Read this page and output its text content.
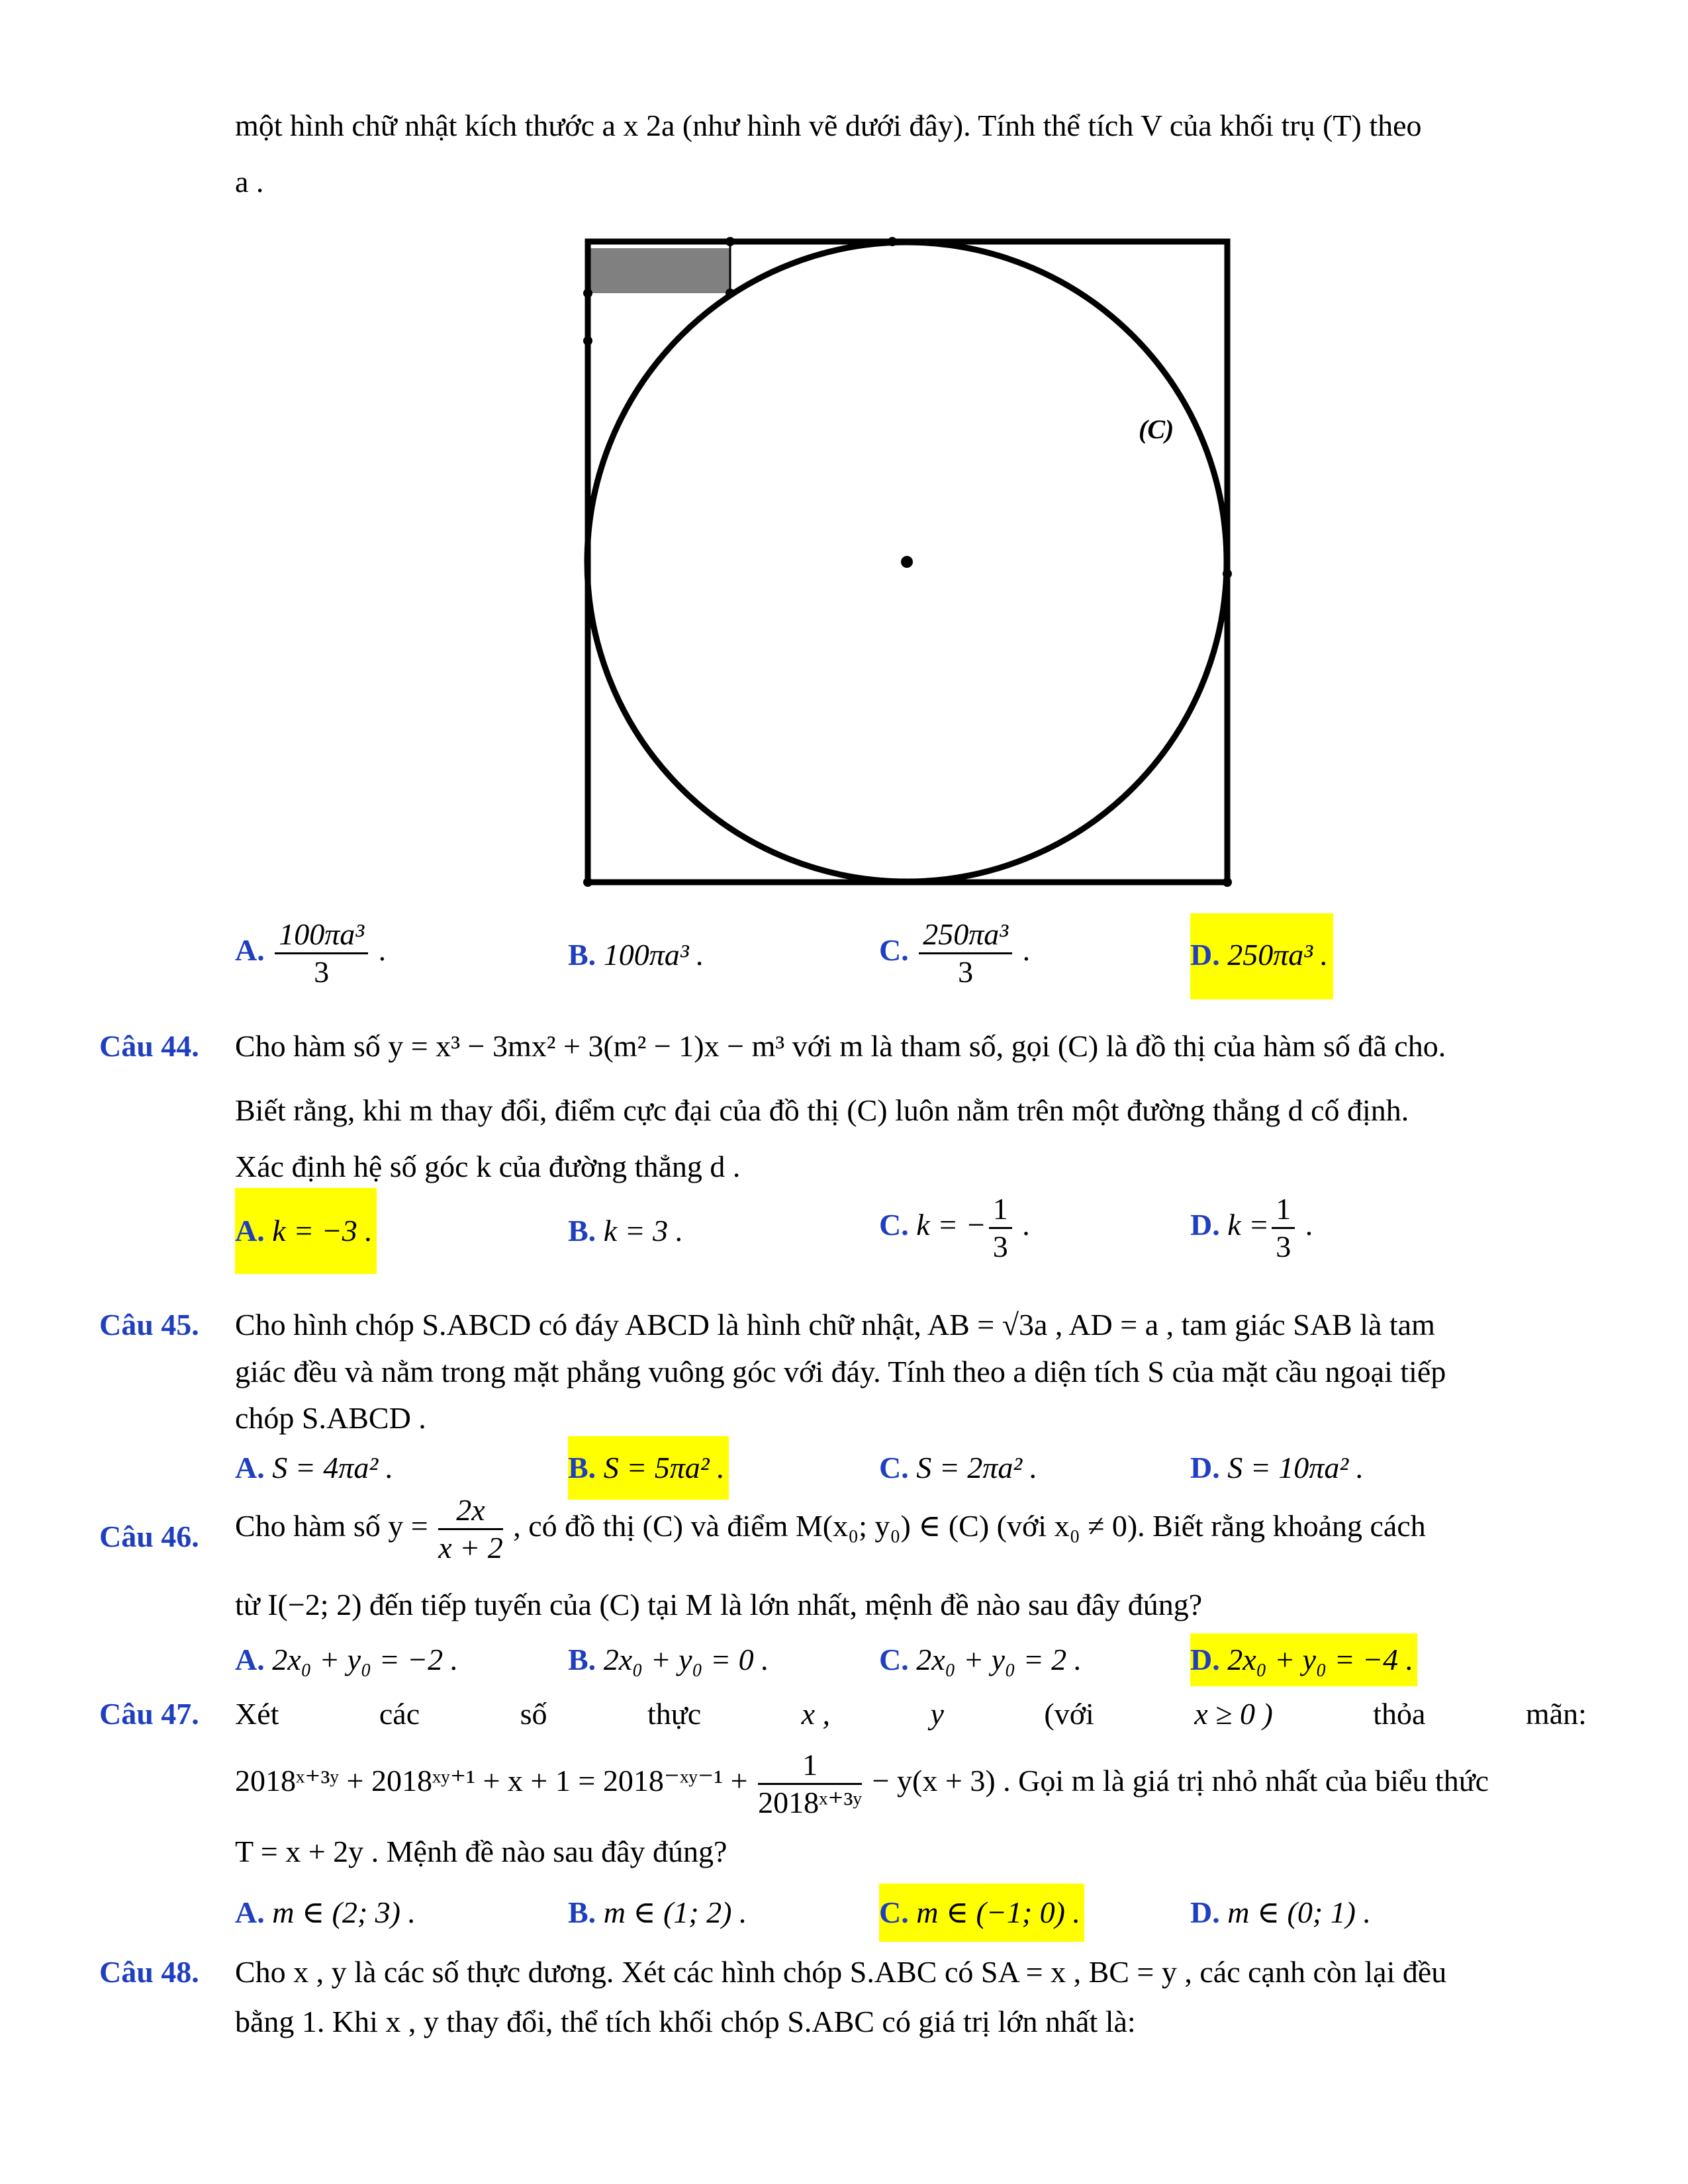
một hình chữ nhật kích thước a x 2a (như hình vẽ dưới đây). Tính thể tích V của khối trụ (T) theo
a .
(C)
A. $\frac{\text{100πa³}}{3}$ .	B. 100πa³ .	C. $\frac{\text{250πa³}}{3}$ .	D. 250πa³ .
Câu 44. Cho hàm số y = x³ − 3mx² + 3(m² − 1)x − m³ với m là tham số, gọi (C) là đồ thị của hàm số đã cho.
Biết rằng, khi m thay đổi, điểm cực đại của đồ thị (C) luôn nằm trên một đường thẳng d cố định.
Xác định hệ số góc k của đường thẳng d .
A. k = −3 .	B. k = 3 .	C. k = − $\frac{1}{3}$ .	D. $k = \frac{1}{3}$ .
Câu 45. Cho hình chóp S.ABCD có đáy ABCD là hình chữ nhật, AB = √3a , AD = a , tam giác SAB là tam
giác đều và nằm trong mặt phẳng vuông góc với đáy. Tính theo a diện tích S của mặt cầu ngoại tiếp
chóp S.ABCD .
A. S = 4πa² .	B. S = 5πa² .	C. S = 2πa² .	D. S = 10πa² .
Câu 46. Cho hàm số $y = \frac{2x}{x + 2}$ , có đồ thị (C) và điểm M(x₀; y₀) ∈ (C) (với x₀ ≠ 0). Biết rằng khoảng cách
từ I(−2; 2) đến tiếp tuyến của (C) tại M là lớn nhất, mệnh đề nào sau đây đúng?
A. 2x₀ + y₀ = −2 .	B. 2x₀ + y₀ = 0 .	C. 2x₀ + y₀ = 2 .	D. 2x₀ + y₀ = −4 .
Câu 47. Xét	các	số	thực	x ,	y	(với	x ≥ 0 )	thỏa	mãn:
2018ˣ⁺³ʸ + 2018ˣʸ⁺¹ + x + 1 = 2018⁻ˣʸ⁻¹ + $\frac{1}{\text{2018ˣ⁺³ʸ}} - y(x + 3)$ . Gọi m là giá trị nhỏ nhất của biểu thức
T = x + 2y . Mệnh đề nào sau đây đúng?
A. m ∈ (2; 3) .	B. m ∈ (1; 2) .	C. m ∈ (−1; 0) .	D. m ∈ (0; 1) .
Câu 48. Cho x , y là các số thực dương. Xét các hình chóp S.ABC có SA = x , BC = y , các cạnh còn lại đều
bằng 1. Khi x , y thay đổi, thể tích khối chóp S.ABC có giá trị lớn nhất là:
